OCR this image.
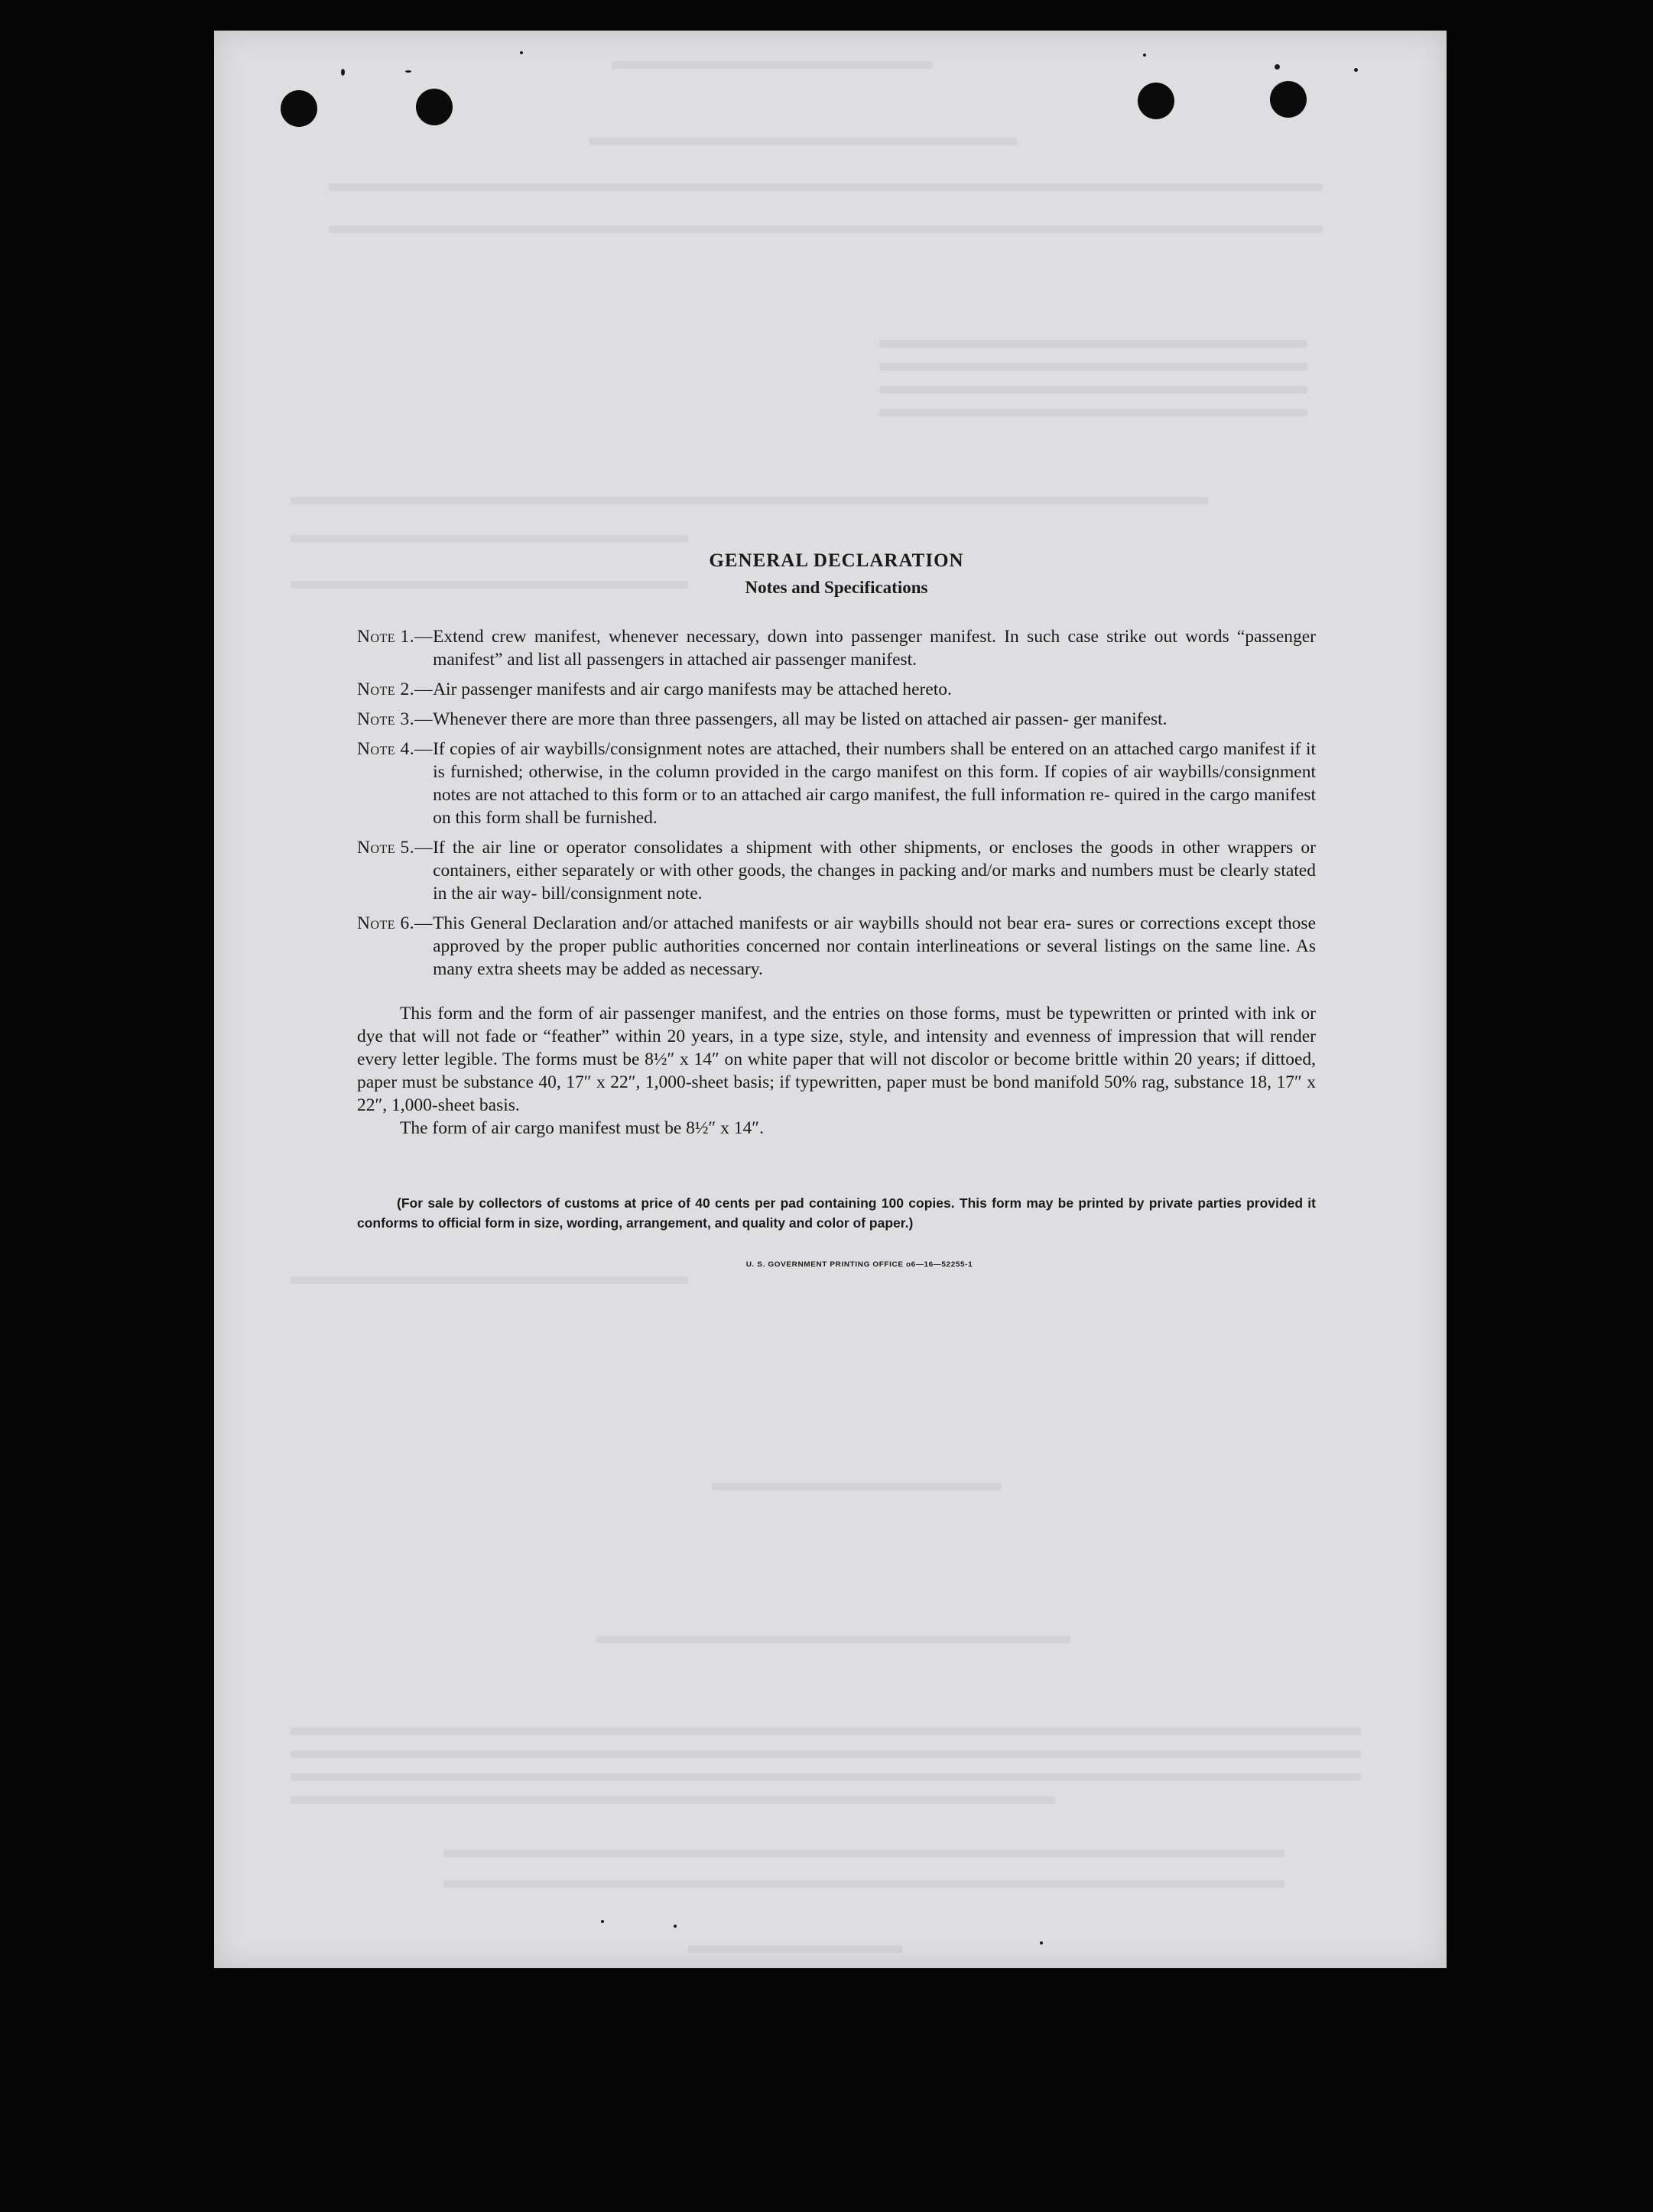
GENERAL DECLARATION
Notes and Specifications
Note 1.— Extend crew manifest, whenever necessary, down into passenger manifest. In such case strike out words “passenger manifest” and list all passengers in attached air passenger manifest.
Note 2.— Air passenger manifests and air cargo manifests may be attached hereto.
Note 3.— Whenever there are more than three passengers, all may be listed on attached air passen- ger manifest.
Note 4.— If copies of air waybills/consignment notes are attached, their numbers shall be entered on an attached cargo manifest if it is furnished; otherwise, in the column provided in the cargo manifest on this form. If copies of air waybills/consignment notes are not attached to this form or to an attached air cargo manifest, the full information re- quired in the cargo manifest on this form shall be furnished.
Note 5.— If the air line or operator consolidates a shipment with other shipments, or encloses the goods in other wrappers or containers, either separately or with other goods, the changes in packing and/or marks and numbers must be clearly stated in the air way- bill/consignment note.
Note 6.— This General Declaration and/or attached manifests or air waybills should not bear era- sures or corrections except those approved by the proper public authorities concerned nor contain interlineations or several listings on the same line. As many extra sheets may be added as necessary.

This form and the form of air passenger manifest, and the entries on those forms, must be typewritten or printed with ink or dye that will not fade or “feather” within 20 years, in a type size, style, and intensity and evenness of impression that will render every letter legible. The forms must be 8½″ x 14″ on white paper that will not discolor or become brittle within 20 years; if dittoed, paper must be substance 40, 17″ x 22″, 1,000-sheet basis; if typewritten, paper must be bond manifold 50% rag, substance 18, 17″ x 22″, 1,000-sheet basis.

The form of air cargo manifest must be 8½″ x 14″.

(For sale by collectors of customs at price of 40 cents per pad containing 100 copies. This form may be printed by private parties provided it conforms to official form in size, wording, arrangement, and quality and color of paper.)

U. S. GOVERNMENT PRINTING OFFICE o6—16—52255-1
